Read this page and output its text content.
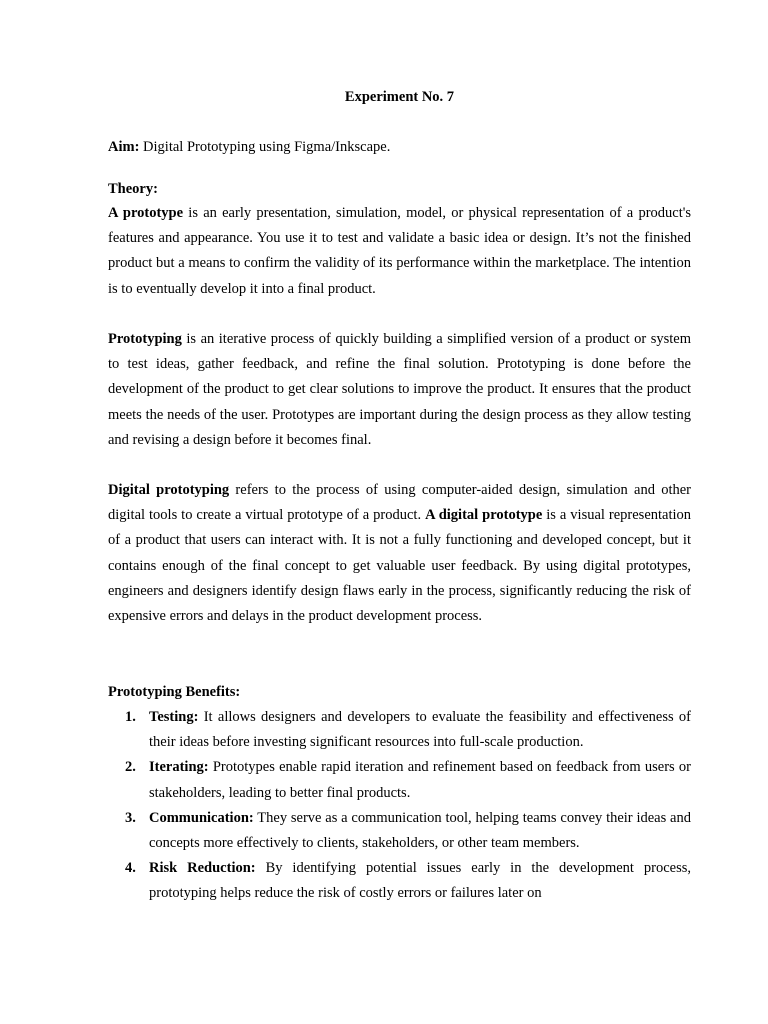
Experiment No. 7
Aim: Digital Prototyping using Figma/Inkscape.
Theory:

A prototype is an early presentation, simulation, model, or physical representation of a product's features and appearance. You use it to test and validate a basic idea or design. It’s not the finished product but a means to confirm the validity of its performance within the marketplace. The intention is to eventually develop it into a final product.

Prototyping is an iterative process of quickly building a simplified version of a product or system to test ideas, gather feedback, and refine the final solution. Prototyping is done before the development of the product to get clear solutions to improve the product. It ensures that the product meets the needs of the user. Prototypes are important during the design process as they allow testing and revising a design before it becomes final.

Digital prototyping refers to the process of using computer-aided design, simulation and other digital tools to create a virtual prototype of a product. A digital prototype is a visual representation of a product that users can interact with. It is not a fully functioning and developed concept, but it contains enough of the final concept to get valuable user feedback. By using digital prototypes, engineers and designers identify design flaws early in the process, significantly reducing the risk of expensive errors and delays in the product development process.

Prototyping Benefits:
1. Testing: It allows designers and developers to evaluate the feasibility and effectiveness of their ideas before investing significant resources into full-scale production.
2. Iterating: Prototypes enable rapid iteration and refinement based on feedback from users or stakeholders, leading to better final products.
3. Communication: They serve as a communication tool, helping teams convey their ideas and concepts more effectively to clients, stakeholders, or other team members.
4. Risk Reduction: By identifying potential issues early in the development process, prototyping helps reduce the risk of costly errors or failures later on
